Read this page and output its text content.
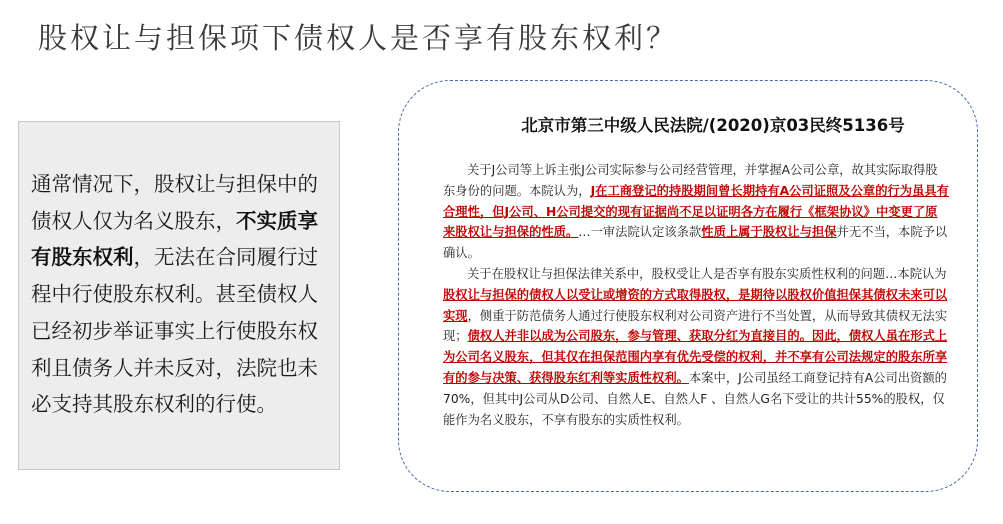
股权让与担保项下债权人是否享有股东权利？

通常情况下，股权让与担保中的债权人仅为名义股东，不实质享有股东权利，无法在合同履行过程中行使股东权利。甚至债权人已经初步举证事实上行使股东权利且债务人并未反对，法院也未必支持其股东权利的行使。

北京市第三中级人民法院/(2020)京03民终5136号

关于J公司等上诉主张J公司实际参与公司经营管理，并掌握A公司公章，故其实际取得股东身份的问题。本院认为，J在工商登记的持股期间曾长期持有A公司证照及公章的行为虽具有合理性，但J公司、H公司提交的现有证据尚不足以证明各方在履行《框架协议》中变更了原来股权让与担保的性质。…一审法院认定该条款性质上属于股权让与担保并无不当，本院予以确认。

关于在股权让与担保法律关系中，股权受让人是否享有股东实质性权利的问题…本院认为股权让与担保的债权人以受让或增资的方式取得股权，是期待以股权价值担保其债权未来可以实现，侧重于防范债务人通过行使股东权利对公司资产进行不当处置，从而导致其债权无法实现；债权人并非以成为公司股东，参与管理、获取分红为直接目的。因此，债权人虽在形式上为公司名义股东，但其仅在担保范围内享有优先受偿的权利，并不享有公司法规定的股东所享有的参与决策、获得股东红利等实质性权利。本案中，J公司虽经工商登记持有A公司出资额的70%，但其中J公司从D公司、自然人E、自然人F 、自然人G名下受让的共计55%的股权，仅能作为名义股东，不享有股东的实质性权利。
